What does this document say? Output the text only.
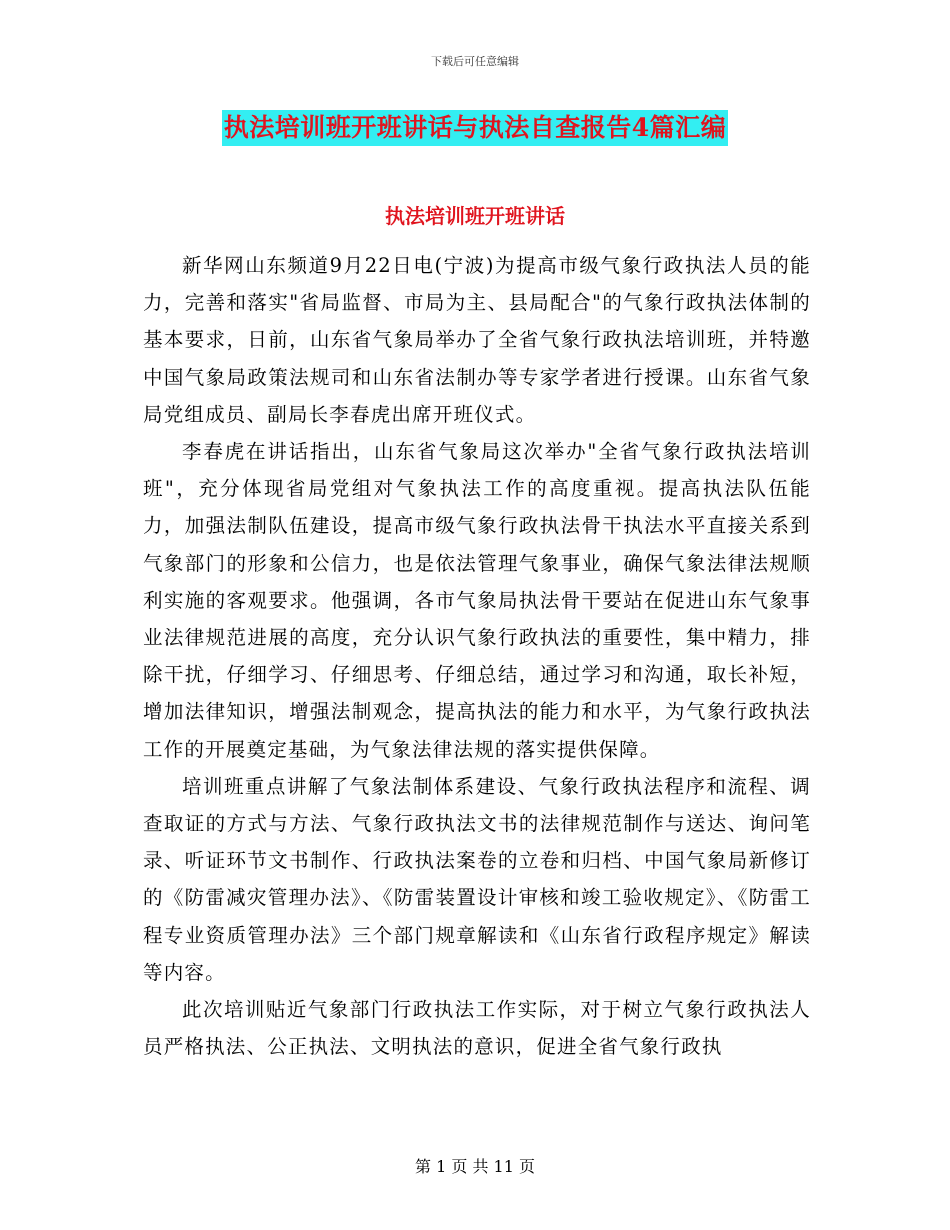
下载后可任意编辑
执法培训班开班讲话与执法自查报告4篇汇编
执法培训班开班讲话

新华网山东频道9月22日电(宁波)为提高市级气象行政执法人员的能力，完善和落实"省局监督、市局为主、县局配合"的气象行政执法体制的基本要求，日前，山东省气象局举办了全省气象行政执法培训班，并特邀中国气象局政策法规司和山东省法制办等专家学者进行授课。山东省气象局党组成员、副局长李春虎出席开班仪式。

李春虎在讲话指出，山东省气象局这次举办"全省气象行政执法培训班"，充分体现省局党组对气象执法工作的高度重视。提高执法队伍能力，加强法制队伍建设，提高市级气象行政执法骨干执法水平直接关系到气象部门的形象和公信力，也是依法管理气象事业，确保气象法律法规顺利实施的客观要求。他强调，各市气象局执法骨干要站在促进山东气象事业法律规范进展的高度，充分认识气象行政执法的重要性，集中精力，排除干扰，仔细学习、仔细思考、仔细总结，通过学习和沟通，取长补短，增加法律知识，增强法制观念，提高执法的能力和水平，为气象行政执法工作的开展奠定基础，为气象法律法规的落实提供保障。

培训班重点讲解了气象法制体系建设、气象行政执法程序和流程、调查取证的方式与方法、气象行政执法文书的法律规范制作与送达、询问笔录、听证环节文书制作、行政执法案卷的立卷和归档、中国气象局新修订的《防雷减灾管理办法》、《防雷装置设计审核和竣工验收规定》、《防雷工程专业资质管理办法》三个部门规章解读和《山东省行政程序规定》解读等内容。

此次培训贴近气象部门行政执法工作实际，对于树立气象行政执法人员严格执法、公正执法、文明执法的意识，促进全省气象行政执

第 1 页 共 11 页
